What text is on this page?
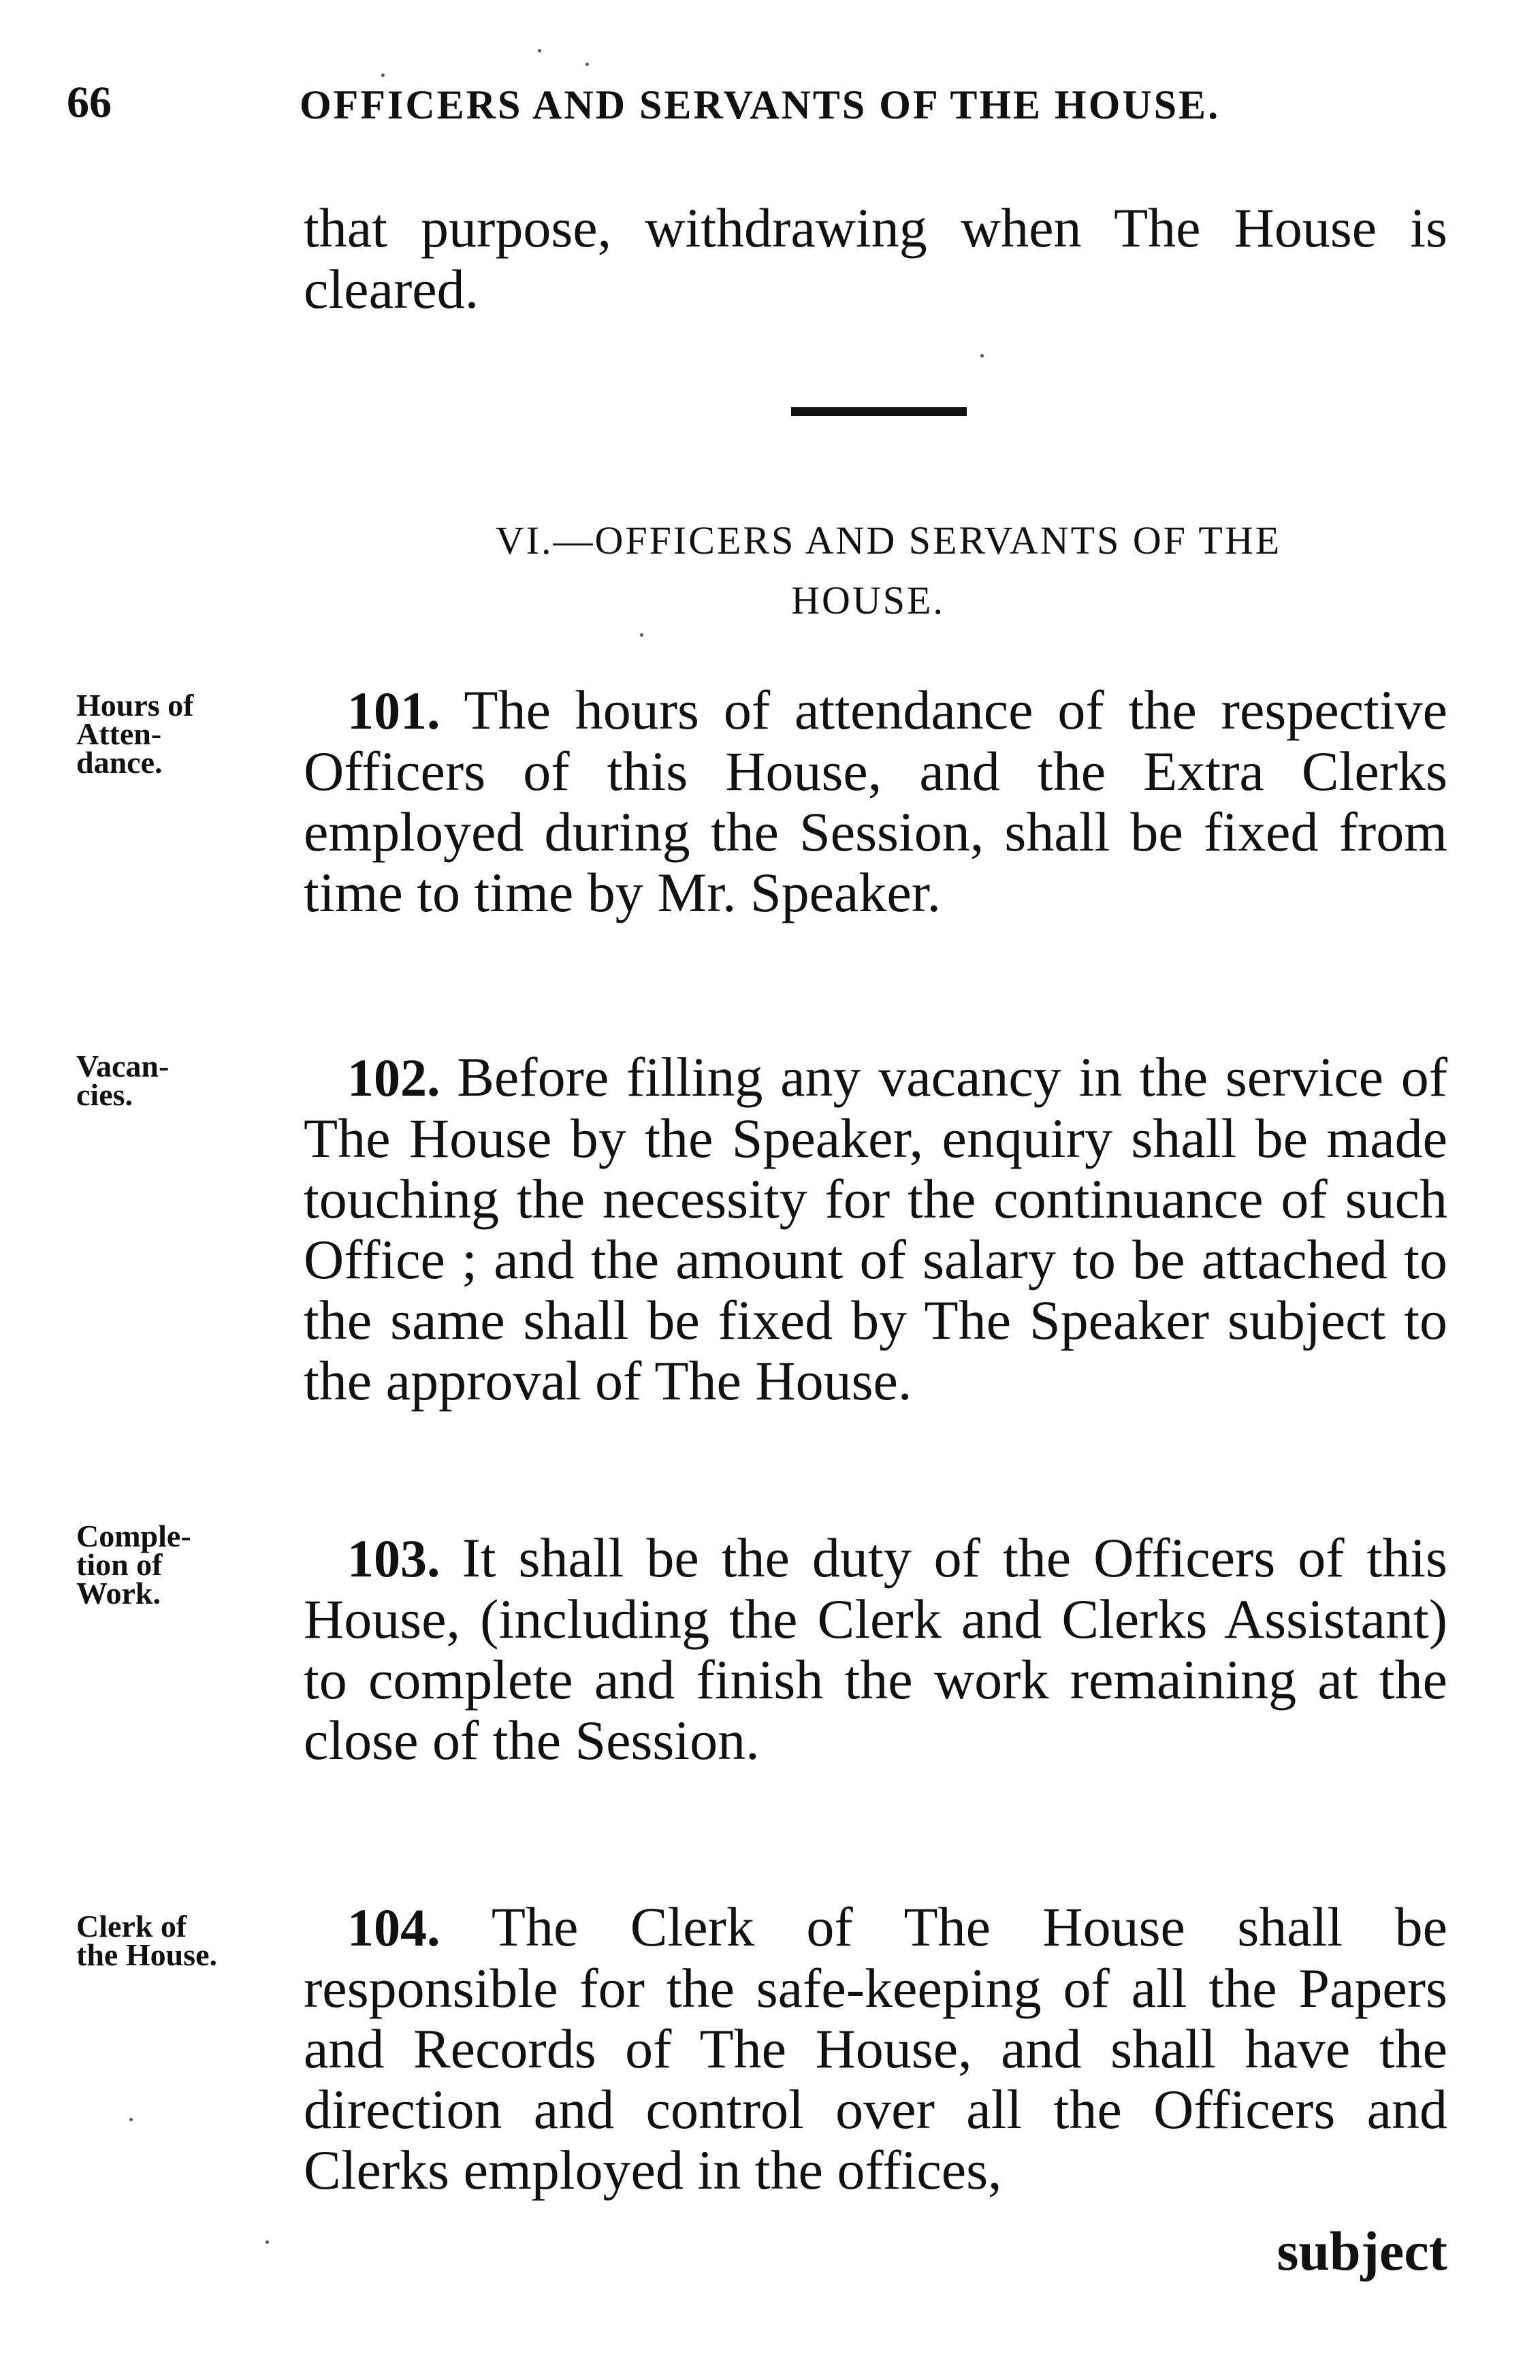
66	OFFICERS AND SERVANTS OF THE HOUSE.
that purpose, withdrawing when The House is cleared.
VI.—OFFICERS AND SERVANTS OF THE
HOUSE.
Hours of
Atten-
dance.
101. The hours of attendance of the respective Officers of this House, and the Extra Clerks employed during the Session, shall be fixed from time to time by Mr. Speaker.
Vacan-
cies.	102. Before filling any vacancy in the service of The House by the Speaker, enquiry shall be made touching the necessity for the continuance of such Office ; and the amount of salary to be attached to the same shall be fixed by The Speaker subject to the approval of The House.
Comple-
tion of
Work.
103. It shall be the duty of the Officers of this House, (including the Clerk and Clerks Assistant) to complete and finish the work remaining at the close of the Session.
Clerk of
the House.	104. The Clerk of The House shall be responsible for the safe-keeping of all the Papers and Records of The House, and shall have the direction and control over all the Officers and Clerks employed in the offices,
subject
